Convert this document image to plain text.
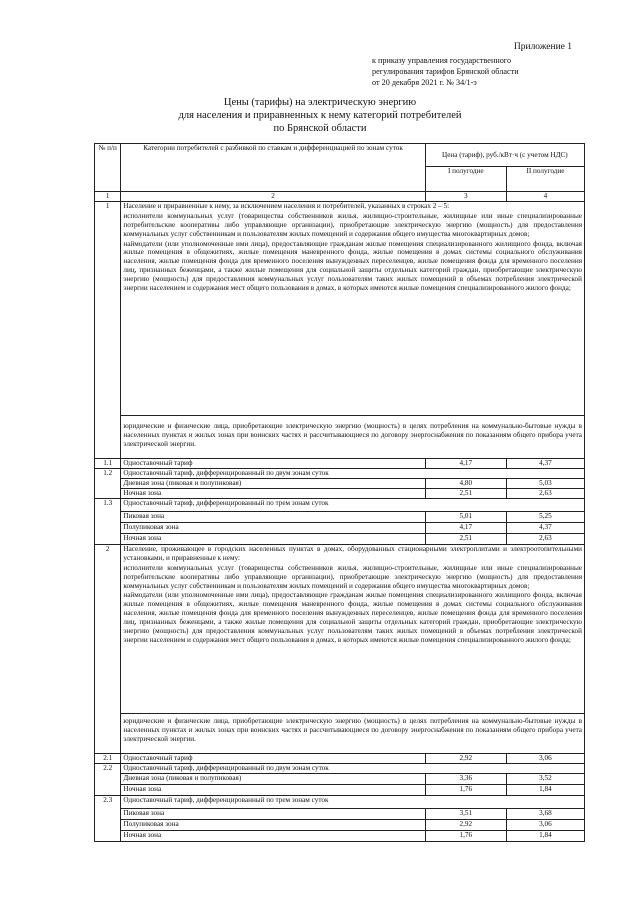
Приложение 1
к приказу управления государственного
регулирования тарифов Брянской области
от 20 декабря 2021 г. № 34/1-э
Цены (тарифы) на электрическую энергию
для населения и приравненных к нему категорий потребителей
по Брянской области
№ п/п	Категории потребителей с разбивкой по ставкам и дифференциацией по зонам суток	Цена (тариф), руб./кВт·ч (с учетом НДС)	
		I полугодие	II полугодие
1	2	3	4
1	Население и приравненные к нему, за исключением населения и потребителей, указанных в строках 2 – 5:

исполнители коммунальных услуг (товарищества собственников жилья, жилищно-строительные, жилищные или иные специализированные потребительские кооперативы либо управляющие организации), приобретающие электрическую энергию (мощность) для предоставления коммунальных услуг собственникам и пользователям жилых помещений и содержания общего имущества многоквартирных домов;

наймодатели (или уполномоченные ими лица), предоставляющие гражданам жилые помещения специализированного жилищного фонда, включая жилые помещения в общежитиях, жилые помещения маневренного фонда, жилые помещения в домах системы социального обслуживания населения, жилые помещения фонда для временного поселения вынужденных переселенцев, жилые помещения фонда для временного поселения лиц, признанных беженцами, а также жилые помещения для социальной защиты отдельных категорий граждан, приобретающие электрическую энергию (мощность) для предоставления коммунальных услуг пользователям таких жилых помещений в объемах потребления электрической энергии населением и содержания мест общего пользования в домах, в которых имеются жилые помещения специализированного жилого фонда;		

	юридические и физические лица, приобретающие электрическую энергию (мощность) в целях потребления на коммунально-бытовые нужды в населенных пунктах и жилых зонах при воинских частях и рассчитывающиеся по договору энергоснабжения по показаниям общего прибора учета электрической энергии.		

1.1	Одноставочный тариф	4,17	4,37
1.2	Одноставочный тариф, дифференцированный по двум зонам суток		
	Дневная зона (пиковая и полупиковая)	4,80	5,03
	Ночная зона	2,51	2,63
1.3	Одноставочный тариф, дифференцированный по трем зонам суток		
	Пиковая зона	5,01	5,25
	Полупиковая зона	4,17	4,37
	Ночная зона	2,51	2,63
2	Население, проживающее в городских населенных пунктах в домах, оборудованных стационарными электроплитами и электроотопительными установками, и приравненные к нему:

исполнители коммунальных услуг (товарищества собственников жилья, жилищно-строительные, жилищные или иные специализированные потребительские кооперативы либо управляющие организации), приобретающие электрическую энергию (мощность) для предоставления коммунальных услуг собственникам и пользователям жилых помещений и содержания общего имущества многоквартирных домов;

наймодатели (или уполномоченные ими лица), предоставляющие гражданам жилые помещения специализированного жилищного фонда, включая жилые помещения в общежитиях, жилые помещения маневренного фонда, жилые помещения в домах системы социального обслуживания населения, жилые помещения фонда для временного поселения вынужденных переселенцев, жилые помещения фонда для временного поселения лиц, признанных беженцами, а также жилые помещения для социальной защиты отдельных категорий граждан, приобретающие электрическую энергию (мощность) для предоставления коммунальных услуг пользователям таких жилых помещений в объемах потребления электрической энергии населением и содержания мест общего пользования в домах, в которых имеются жилые помещения специализированного жилого фонда;		

	юридические и физические лица, приобретающие электрическую энергию (мощность) в целях потребления на коммунально-бытовые нужды в населенных пунктах и жилых зонах при воинских частях и рассчитывающиеся по договору энергоснабжения по показаниям общего прибора учета электрической энергии.		

2.1	Одноставочный тариф	2,92	3,06
2.2	Одноставочный тариф, дифференцированный по двум зонам суток		
	Дневная зона (пиковая и полупиковая)	3,36	3,52
	Ночная зона	1,76	1,84
2.3	Одноставочный тариф, дифференцированный по трем зонам суток		
	Пиковая зона	3,51	3,68
	Полупиковая зона	2,92	3,06
	Ночная зона	1,76	1,84
